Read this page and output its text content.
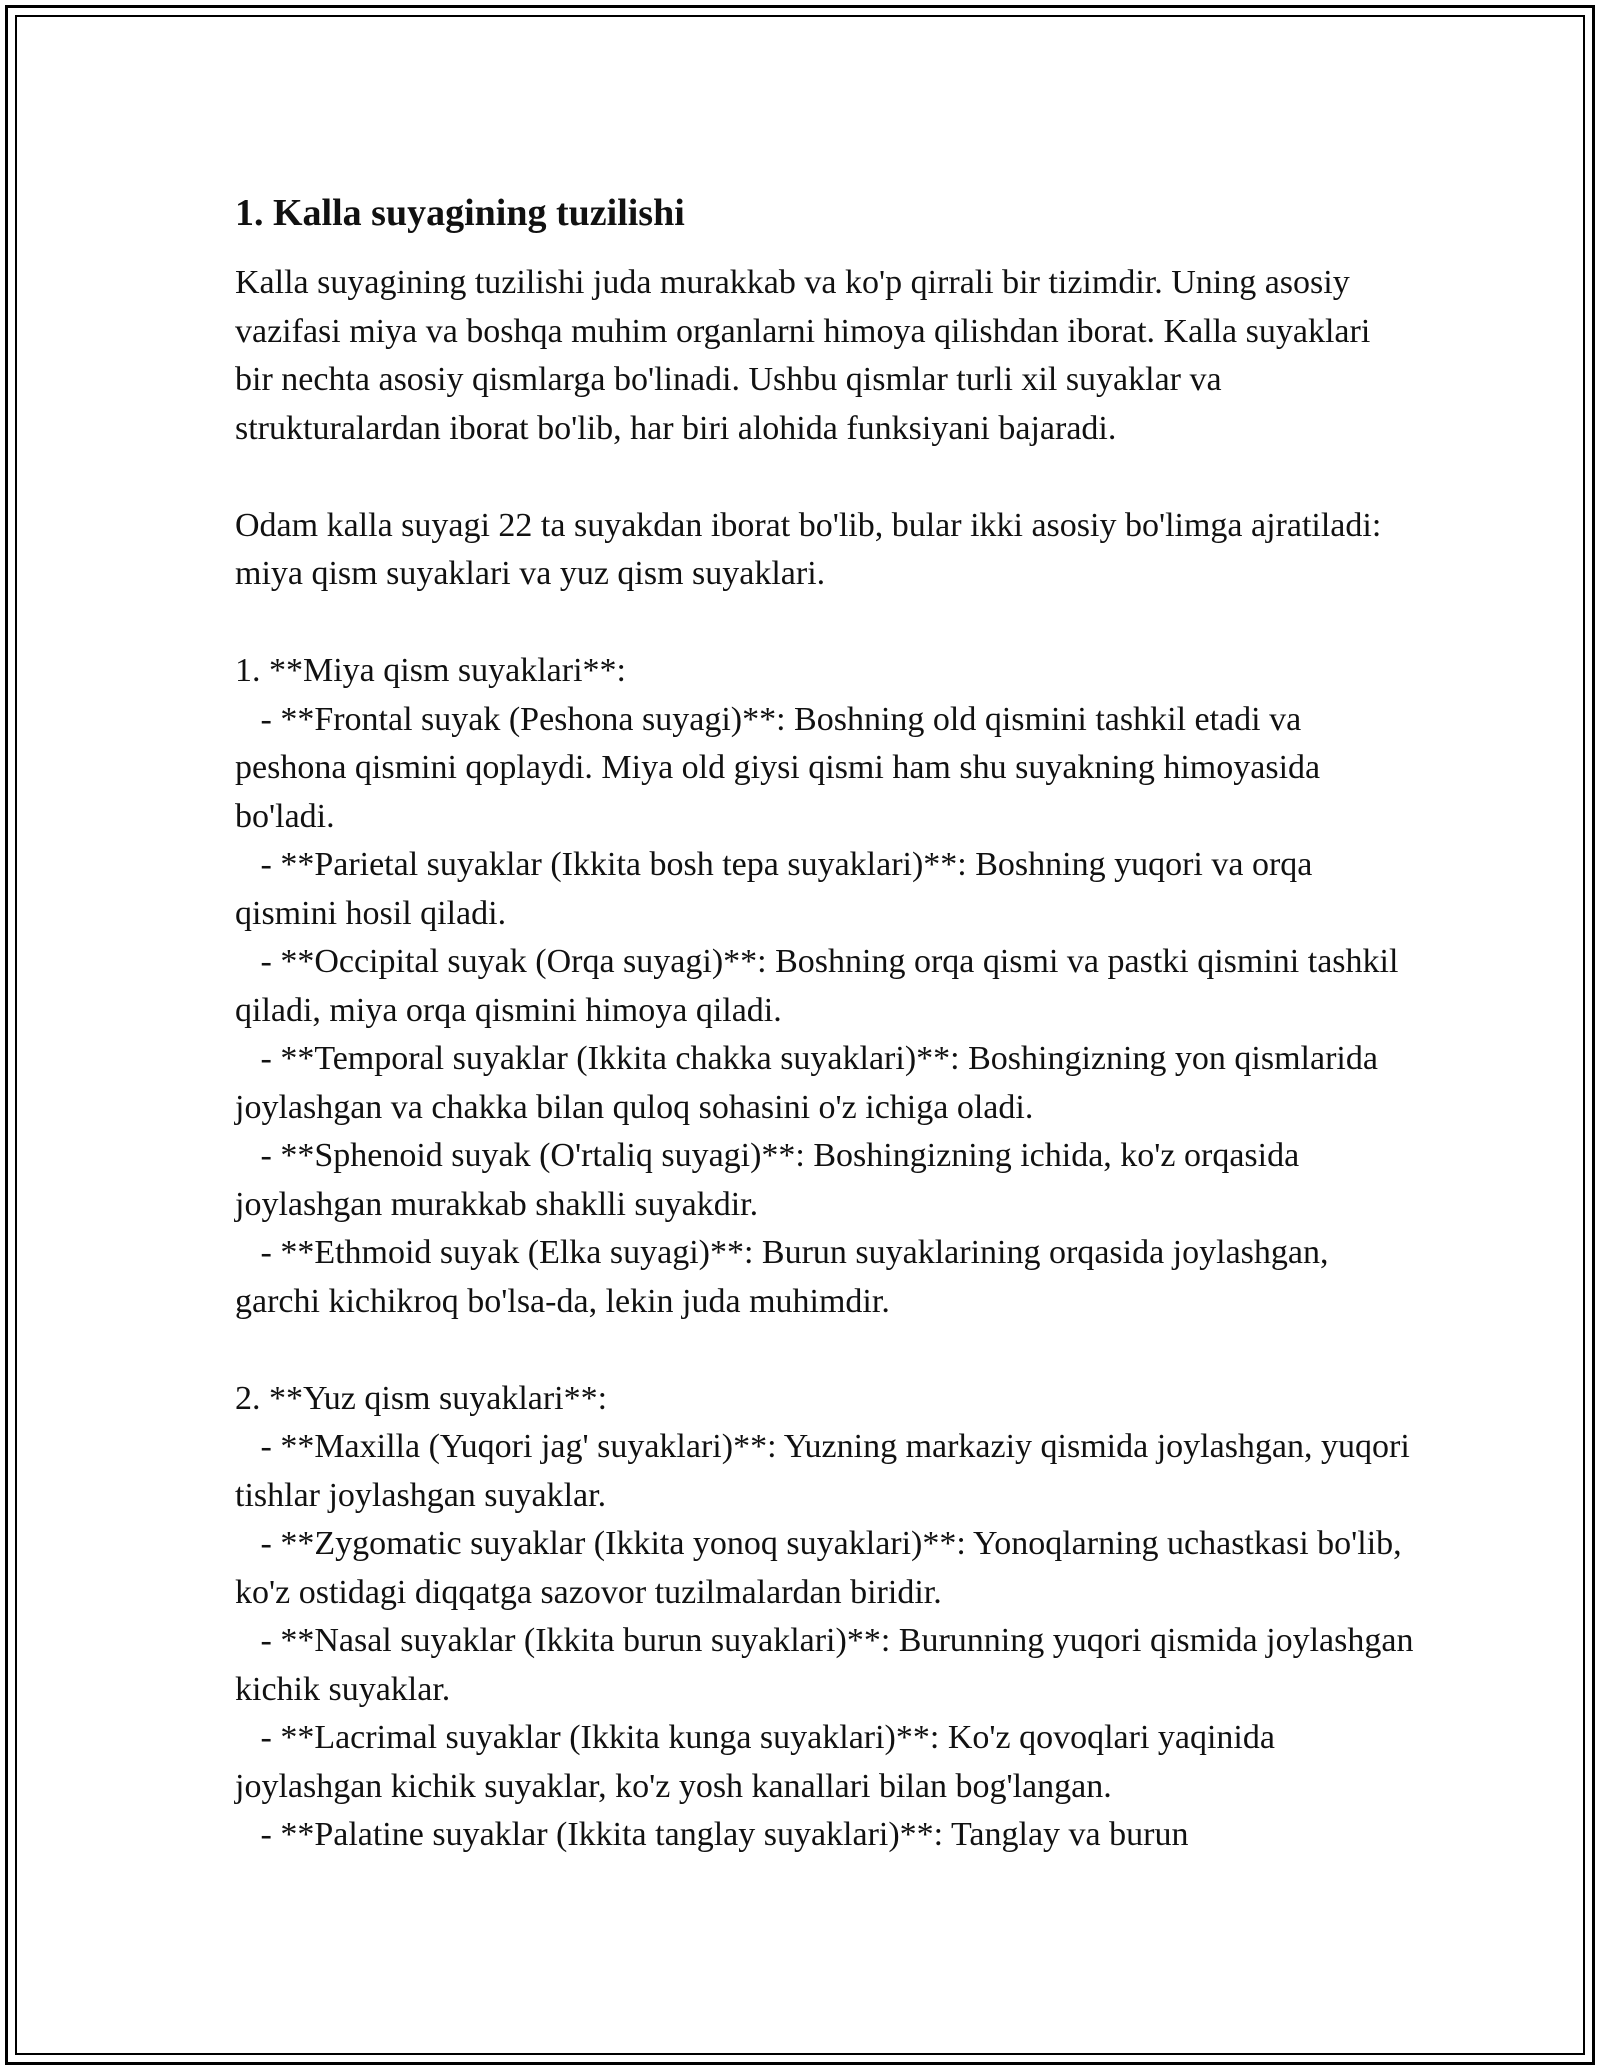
1. Kalla suyagining tuzilishi

Kalla suyagining tuzilishi juda murakkab va ko'p qirrali bir tizimdir. Uning asosiy vazifasi miya va boshqa muhim organlarni himoya qilishdan iborat. Kalla suyaklari bir nechta asosiy qismlarga bo'linadi. Ushbu qismlar turli xil suyaklar va strukturalardan iborat bo'lib, har biri alohida funksiyani bajaradi.

Odam kalla suyagi 22 ta suyakdan iborat bo'lib, bular ikki asosiy bo'limga ajratiladi: miya qism suyaklari va yuz qism suyaklari.

1. **Miya qism suyaklari**:

- **Frontal suyak (Peshona suyagi)**: Boshning old qismini tashkil etadi va peshona qismini qoplaydi. Miya old giysi qismi ham shu suyakning himoyasida bo'ladi.

- **Parietal suyaklar (Ikkita bosh tepa suyaklari)**: Boshning yuqori va orqa qismini hosil qiladi.

- **Occipital suyak (Orqa suyagi)**: Boshning orqa qismi va pastki qismini tashkil qiladi, miya orqa qismini himoya qiladi.

- **Temporal suyaklar (Ikkita chakka suyaklari)**: Boshingizning yon qismlarida joylashgan va chakka bilan quloq sohasini o'z ichiga oladi.

- **Sphenoid suyak (O'rtaliq suyagi)**: Boshingizning ichida, ko'z orqasida joylashgan murakkab shaklli suyakdir.

- **Ethmoid suyak (Elka suyagi)**: Burun suyaklarining orqasida joylashgan, garchi kichikroq bo'lsa-da, lekin juda muhimdir.

2. **Yuz qism suyaklari**:

- **Maxilla (Yuqori jag' suyaklari)**: Yuzning markaziy qismida joylashgan, yuqori tishlar joylashgan suyaklar.

- **Zygomatic suyaklar (Ikkita yonoq suyaklari)**: Yonoqlarning uchastkasi bo'lib, ko'z ostidagi diqqatga sazovor tuzilmalardan biridir.

- **Nasal suyaklar (Ikkita burun suyaklari)**: Burunning yuqori qismida joylashgan kichik suyaklar.

- **Lacrimal suyaklar (Ikkita kunga suyaklari)**: Ko'z qovoqlari yaqinida joylashgan kichik suyaklar, ko'z yosh kanallari bilan bog'langan.

- **Palatine suyaklar (Ikkita tanglay suyaklari)**: Tanglay va burun
